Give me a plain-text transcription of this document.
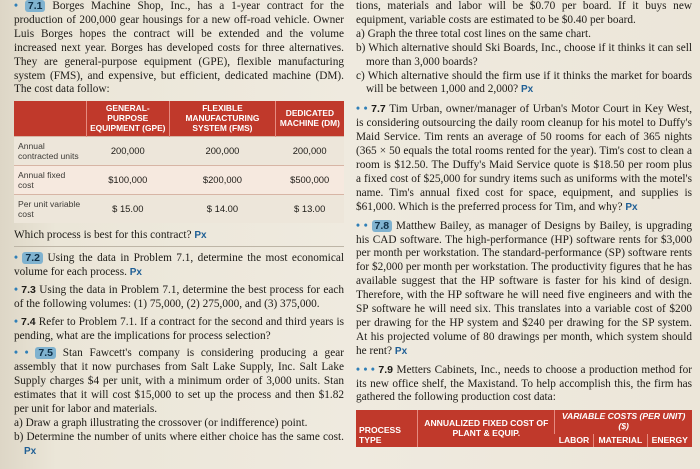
• 7.1 Borges Machine Shop, Inc., has a 1-year contract for the production of 200,000 gear housings for a new off-road vehicle. Owner Luis Borges hopes the contract will be extended and the volume increased next year. Borges has developed costs for three alternatives. They are general-purpose equipment (GPE), flexible manufacturing system (FMS), and expensive, but efficient, dedicated machine (DM). The cost data follow:

	GENERAL-PURPOSE EQUIPMENT (GPE)	FLEXIBLE MANUFACTURING SYSTEM (FMS)	DEDICATED MACHINE (DM)
Annual contracted units	200,000	200,000	200,000
Annual fixed cost	$100,000	$200,000	$500,000
Per unit variable cost	$ 15.00	$ 14.00	$ 13.00

Which process is best for this contract? Px

• 7.2 Using the data in Problem 7.1, determine the most economical volume for each process. Px

• 7.3 Using the data in Problem 7.1, determine the best process for each of the following volumes: (1) 75,000, (2) 275,000, and (3) 375,000.

• 7.4 Refer to Problem 7.1. If a contract for the second and third years is pending, what are the implications for process selection?

• • 7.5 Stan Fawcett's company is considering producing a gear assembly that it now purchases from Salt Lake Supply, Inc. Salt Lake Supply charges $4 per unit, with a minimum order of 3,000 units. Stan estimates that it will cost $15,000 to set up the process and then $1.82 per unit for labor and materials.

a) Draw a graph illustrating the crossover (or indifference) point.

b) Determine the number of units where either choice has the same cost. Px

tions, materials and labor will be $0.70 per board. If it buys new equipment, variable costs are estimated to be $0.40 per board.

a) Graph the three total cost lines on the same chart.

b) Which alternative should Ski Boards, Inc., choose if it thinks it can sell more than 3,000 boards?

c) Which alternative should the firm use if it thinks the market for boards will be between 1,000 and 2,000? Px

• • 7.7 Tim Urban, owner/manager of Urban's Motor Court in Key West, is considering outsourcing the daily room cleanup for his motel to Duffy's Maid Service. Tim rents an average of 50 rooms for each of 365 nights (365 × 50 equals the total rooms rented for the year). Tim's cost to clean a room is $12.50. The Duffy's Maid Service quote is $18.50 per room plus a fixed cost of $25,000 for sundry items such as uniforms with the motel's name. Tim's annual fixed cost for space, equipment, and supplies is $61,000. Which is the preferred process for Tim, and why? Px

• • 7.8 Matthew Bailey, as manager of Designs by Bailey, is upgrading his CAD software. The high-performance (HP) software rents for $3,000 per month per workstation. The standard-performance (SP) software rents for $2,000 per month per workstation. The productivity figures that he has available suggest that the HP software is faster for his kind of design. Therefore, with the HP software he will need five engineers and with the SP software he will need six. This translates into a variable cost of $200 per drawing for the HP system and $240 per drawing for the SP system. At his projected volume of 80 drawings per month, which system should he rent? Px

• • • 7.9 Metters Cabinets, Inc., needs to choose a production method for its new office shelf, the Maxistand. To help accomplish this, the firm has gathered the following production cost data:

PROCESS TYPE	ANNUALIZED FIXED COST OF PLANT & EQUIP.	VARIABLE COSTS (PER UNIT) ($)		
		LABOR	MATERIAL	ENERGY
